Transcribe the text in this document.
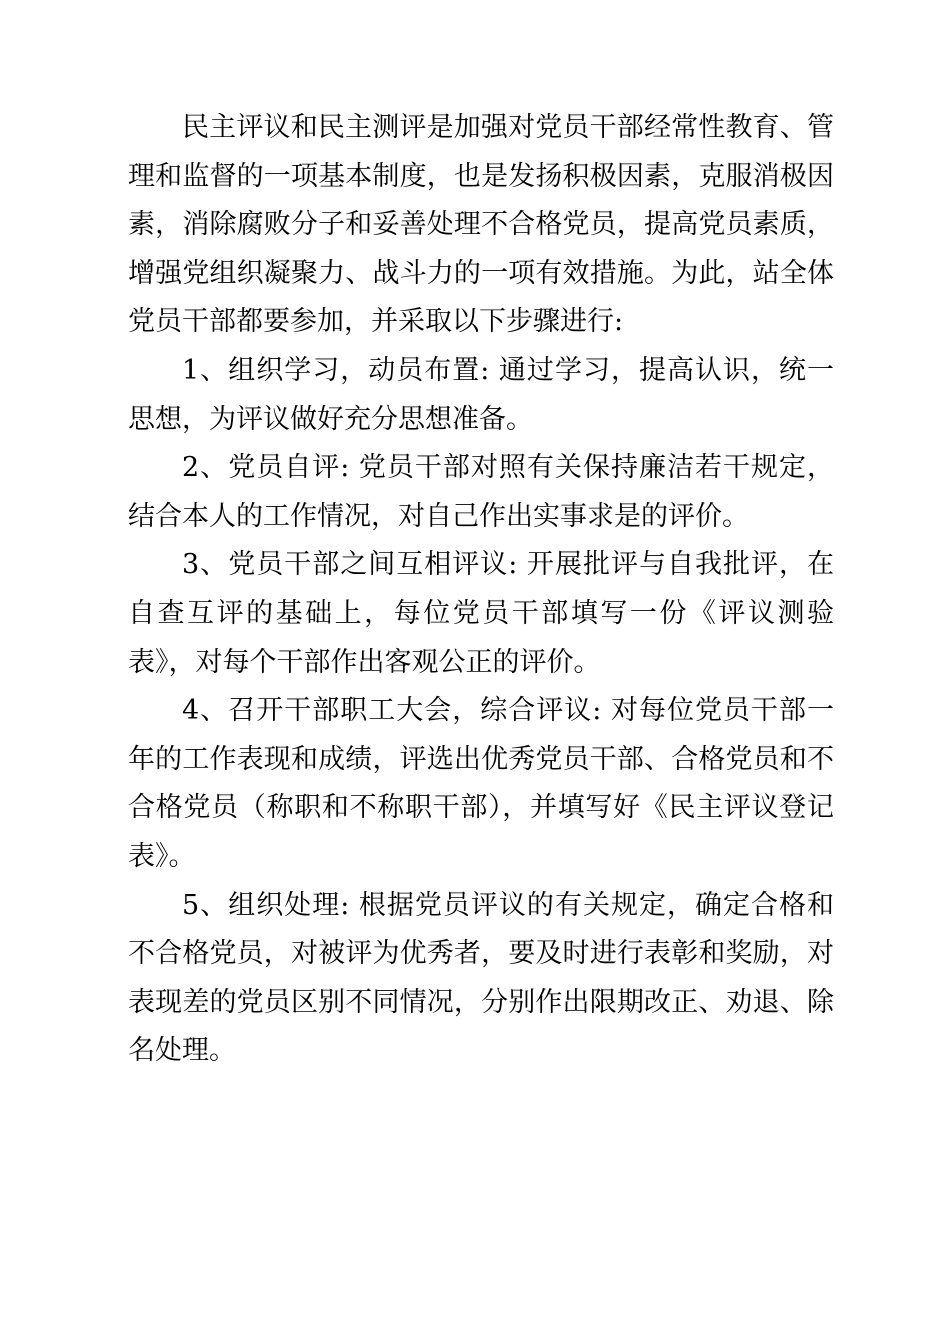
民主评议和民主测评是加强对党员干部经常性教育、管理和监督的一项基本制度，也是发扬积极因素，克服消极因素，消除腐败分子和妥善处理不合格党员，提高党员素质，增强党组织凝聚力、战斗力的一项有效措施。为此，站全体党员干部都要参加，并采取以下步骤进行:

1、组织学习，动员布置: 通过学习，提高认识，统一思想，为评议做好充分思想准备。

2、党员自评: 党员干部对照有关保持廉洁若干规定，结合本人的工作情况，对自己作出实事求是的评价。

3、党员干部之间互相评议: 开展批评与自我批评，在自查互评的基础上，每位党员干部填写一份《评议测验表》，对每个干部作出客观公正的评价。

4、召开干部职工大会，综合评议: 对每位党员干部一年的工作表现和成绩，评选出优秀党员干部、合格党员和不合格党员（称职和不称职干部），并填写好《民主评议登记表》。

5、组织处理: 根据党员评议的有关规定，确定合格和不合格党员，对被评为优秀者，要及时进行表彰和奖励，对表现差的党员区别不同情况，分别作出限期改正、劝退、除名处理。
